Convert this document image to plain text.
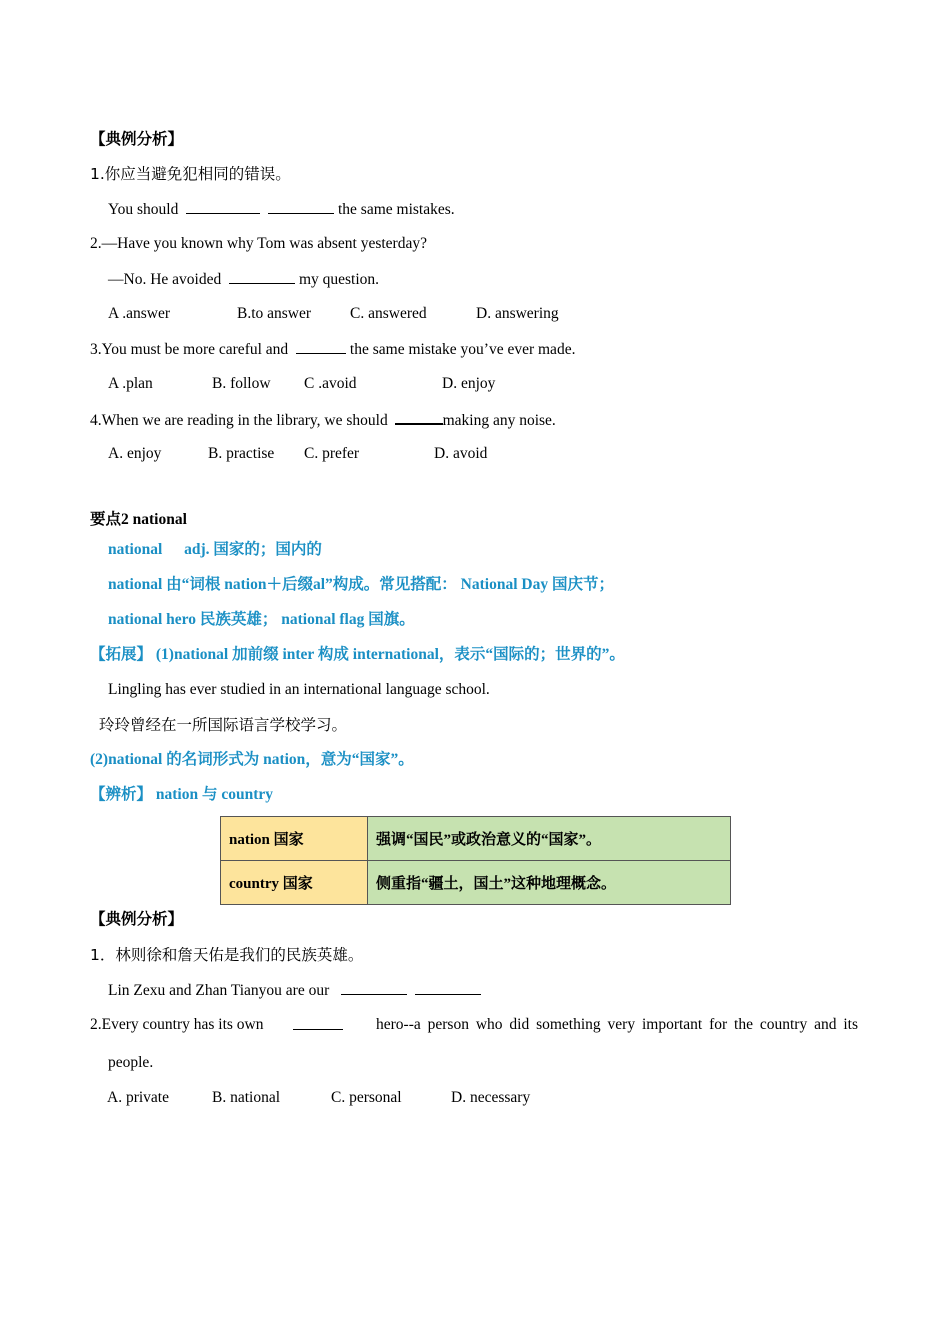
【典例分析】
1.你应当避免犯相同的错误。
You should	the same mistakes.
2.—Have you known why Tom was absent yesterday?
—No. He avoided	my question.
A .answer	B.to answer	C. answered	D. answering
3.You must be more careful and	the same mistake you’ve ever made.
A .plan	B. follow C .avoid	D. enjoy
4.When we are reading in the library, we should	making any noise.
A. enjoy	B. practise C. prefer	D. avoid
要点2 national
national adj. 国家的；国内的
national 由“词根 nation＋后缀al”构成。常见搭配： National Day 国庆节；
national hero 民族英雄； national flag 国旗。
【拓展】 (1)national 加前缀 inter 构成 international，表示“国际的；世界的”。
Lingling has ever studied in an international language school.
玲玲曾经在一所国际语言学校学习。
(2)national 的名词形式为 nation，意为“国家”。
【辨析】 nation 与 country
nation 国家	强调“国民”或政治意义的“国家”。
country 国家	侧重指“疆土，国土”这种地理概念。
【典例分析】
1．林则徐和詹天佑是我们的民族英雄。
Lin Zexu and Zhan Tianyou are our
2.Every country has its own	hero--a person who did something very important for the country and its
people.
A. private	B. national	C. personal	D. necessary
